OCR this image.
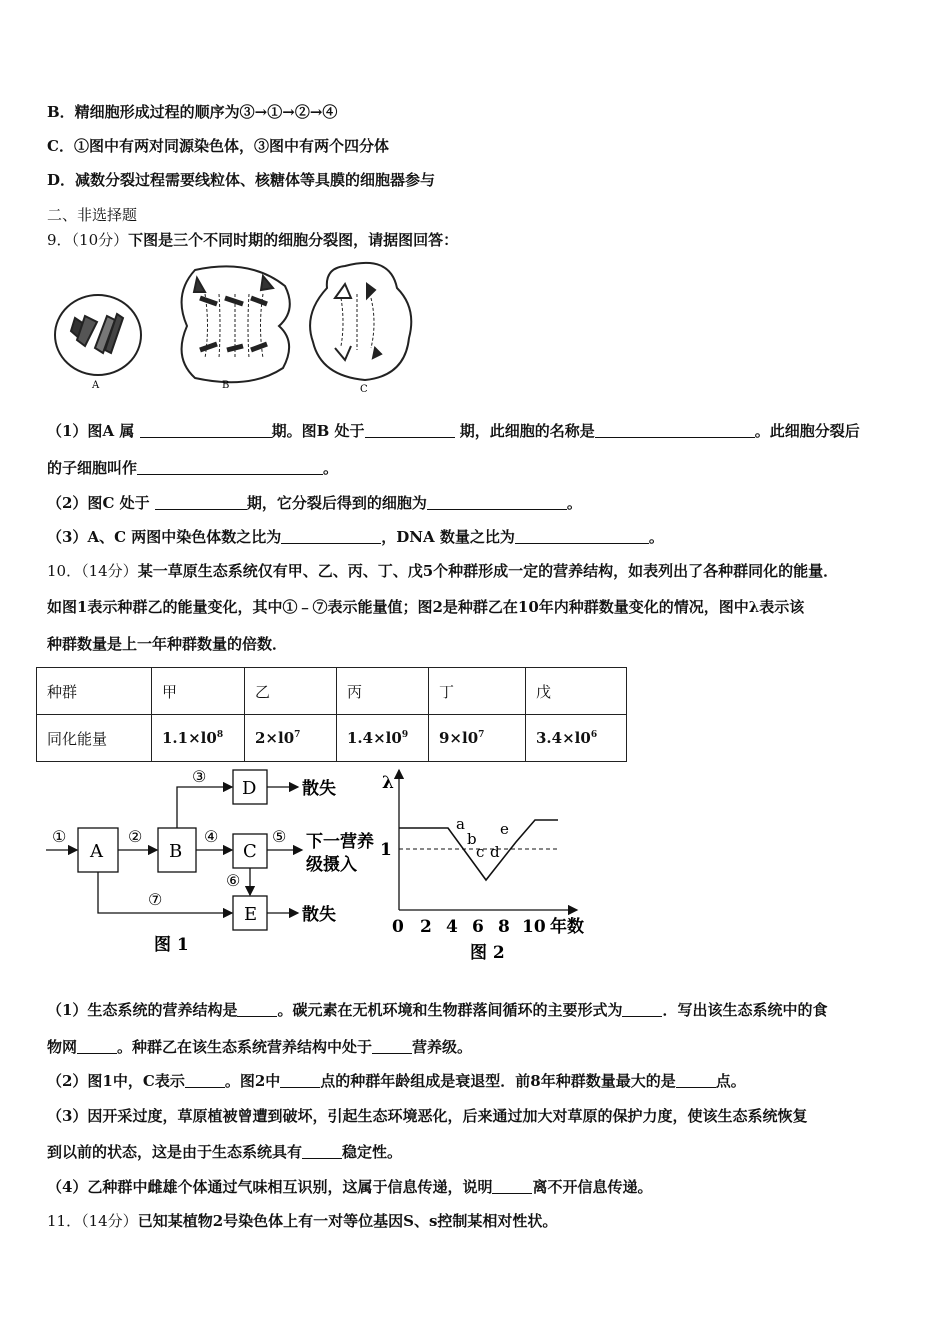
B．精细胞形成过程的顺序为③→①→②→④
C．①图中有两对同源染色体，③图中有两个四分体
D．减数分裂过程需要线粒体、核糖体等具膜的细胞器参与
二、非选择题
9．（10分）下图是三个不同时期的细胞分裂图，请据图回答：
A	B	C
（1）图A 属	期。图B 处于	期，此细胞的名称是	。此细胞分裂后
的子细胞叫作	。
（2）图C 处于	期，它分裂后得到的细胞为	。
（3）A、C 两图中染色体数之比为	，DNA 数量之比为	。
10．（14分）某一草原生态系统仅有甲、乙、丙、丁、戊5个种群形成一定的营养结构，如表列出了各种群同化的能量．
如图1表示种群乙的能量变化，其中①﹣⑦表示能量值；图2是种群乙在10年内种群数量变化的情况，图中λ表示该
种群数量是上一年种群数量的倍数．
种群	甲	乙	丙	丁	戊
同化能量	$1.1\times l0^8$	$2\times l0^7$	$1.4\times l0^9$	$9\times l0^7$	$3.4\times l0^6$
A	B	C
D
E
①	②
③
④	⑤
⑥
⑦
散失
下一营养
级摄入
散失
图 1
λ
1
0 2 4 6 8 10 年数
图 2
a
b
c d
e
（1）生态系统的营养结构是	。碳元素在无机环境和生物群落间循环的主要形式为	．写出该生态系统中的食
物网	。种群乙在该生态系统营养结构中处于	营养级。
（2）图1中，C表示	。图2中	点的种群年龄组成是衰退型．前8年种群数量最大的是	点。
（3）因开采过度，草原植被曾遭到破坏，引起生态环境恶化，后来通过加大对草原的保护力度，使该生态系统恢复
到以前的状态，这是由于生态系统具有	稳定性。
（4）乙种群中雌雄个体通过气味相互识别，这属于信息传递，说明	离不开信息传递。
11．（14分）已知某植物2号染色体上有一对等位基因S、s控制某相对性状。
